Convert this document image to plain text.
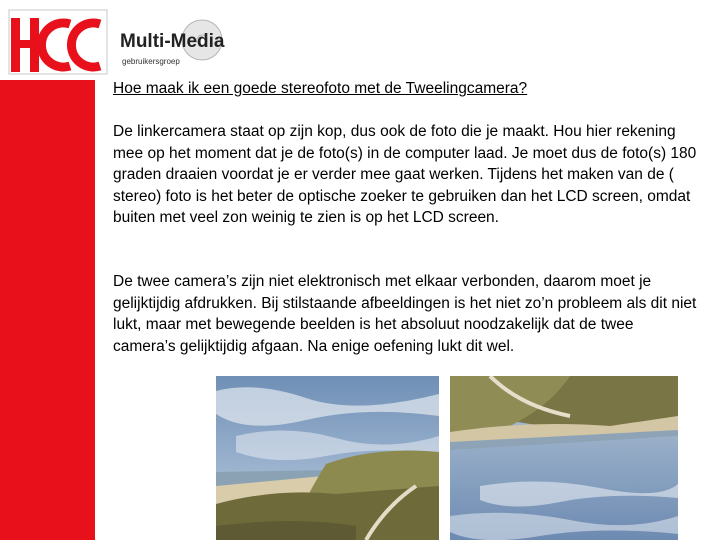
Multi-Media
gebruikersgroep
Hoe maak ik een goede stereofoto met de Tweelingcamera?

De linkercamera staat op zijn kop, dus ook de foto die je maakt. Hou hier rekening mee op het moment dat je de foto(s) in de computer laad. Je moet dus de foto(s) 180 graden draaien voordat je er verder mee gaat werken. Tijdens het maken van de ( stereo) foto is het beter de optische zoeker te gebruiken dan het LCD screen, omdat buiten met veel zon weinig te zien is op het LCD screen.

De twee camera’s zijn niet elektronisch met elkaar verbonden, daarom moet je gelijktijdig afdrukken. Bij stilstaande afbeeldingen is het niet zo’n probleem als dit niet lukt, maar met bewegende beelden is het absoluut noodzakelijk dat de twee camera’s gelijktijdig afgaan. Na enige oefening lukt dit wel.
